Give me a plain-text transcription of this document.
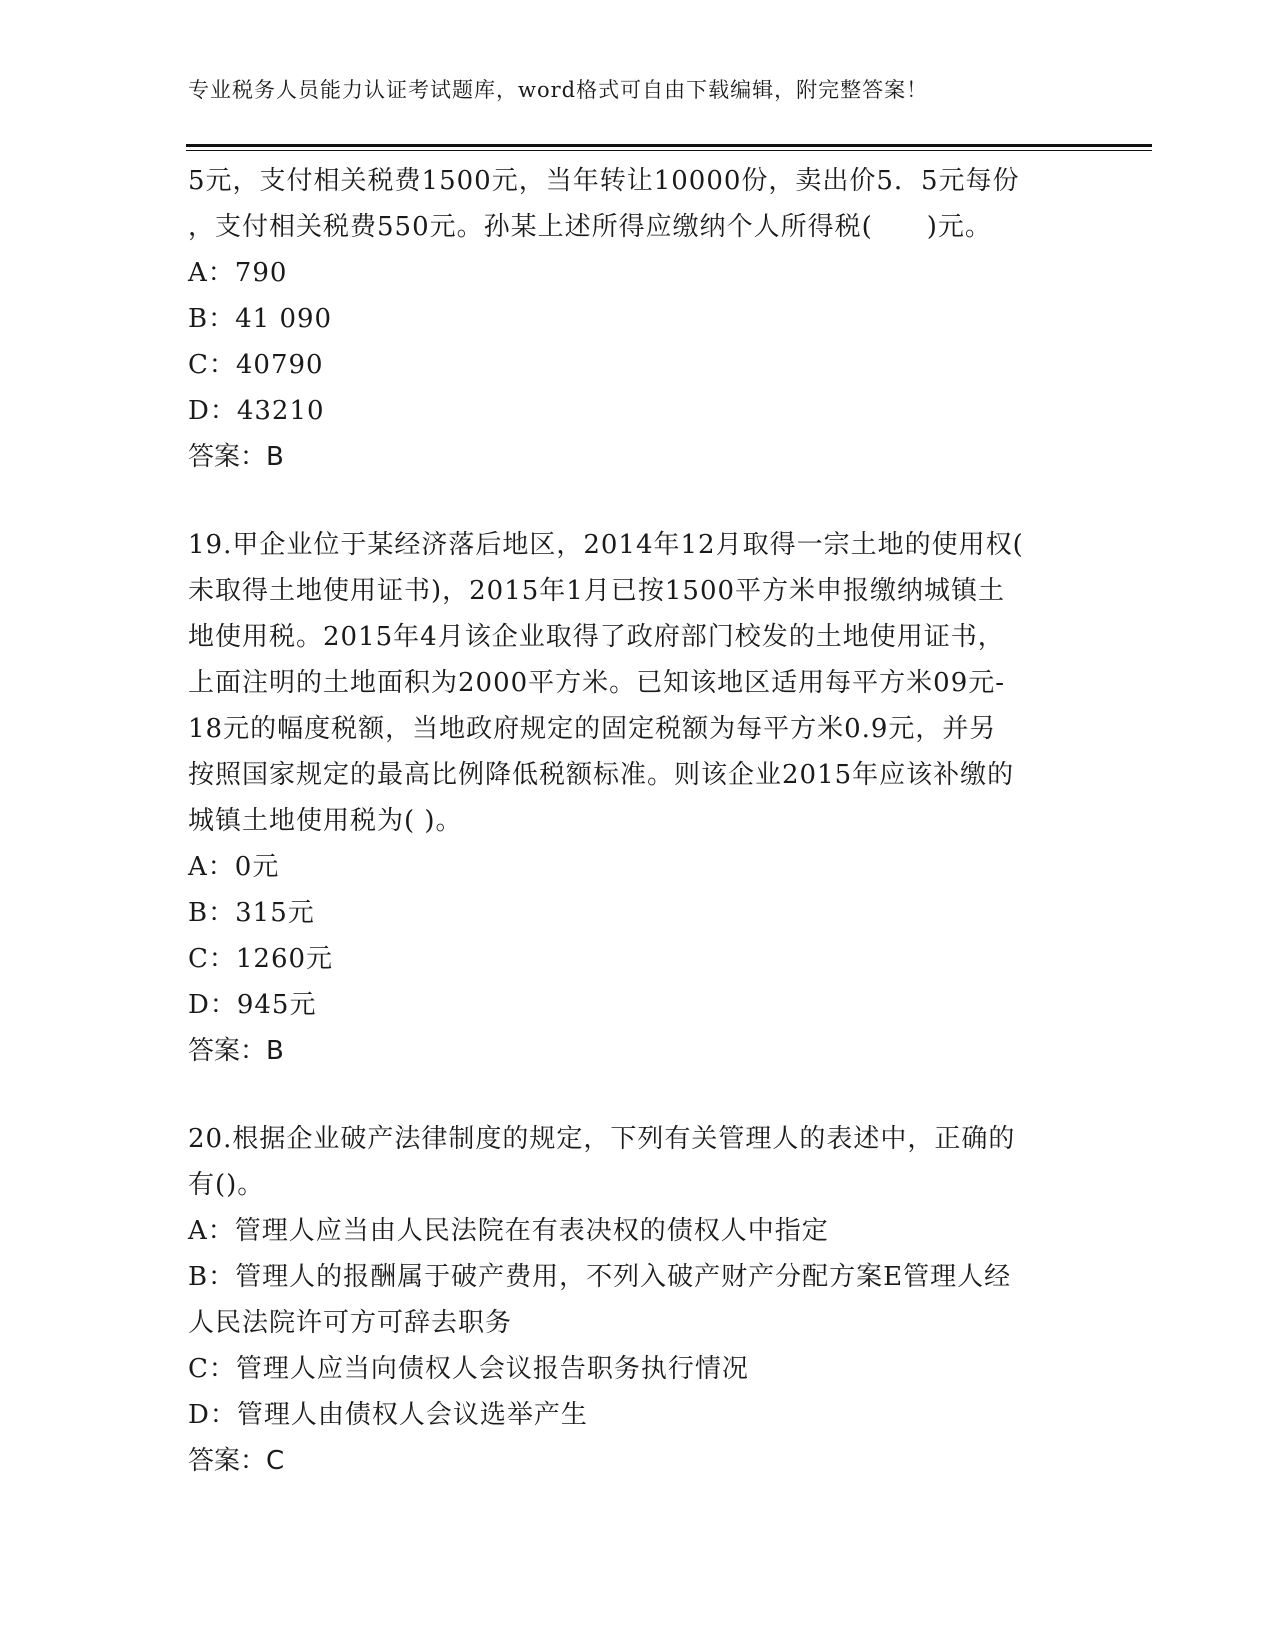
专业税务人员能力认证考试题库，word格式可自由下载编辑，附完整答案！
5元，支付相关税费1500元，当年转让10000份，卖出价5．5元每份
，支付相关税费550元。孙某上述所得应缴纳个人所得税(　　)元。
A：790
B：41 090
C：40790
D：43210
答案：B
19.甲企业位于某经济落后地区，2014年12月取得一宗土地的使用权(
未取得土地使用证书)，2015年1月已按1500平方米申报缴纳城镇土
地使用税。2015年4月该企业取得了政府部门校发的土地使用证书，
上面注明的土地面积为2000平方米。已知该地区适用每平方米09元-
18元的幅度税额，当地政府规定的固定税额为每平方米0.9元，并另
按照国家规定的最高比例降低税额标准。则该企业2015年应该补缴的
城镇土地使用税为( )。
A：0元
B：315元
C：1260元
D：945元
答案：B
20.根据企业破产法律制度的规定，下列有关管理人的表述中，正确的
有()。
A：管理人应当由人民法院在有表决权的债权人中指定
B：管理人的报酬属于破产费用，不列入破产财产分配方案E管理人经
人民法院许可方可辞去职务
C：管理人应当向债权人会议报告职务执行情况
D：管理人由债权人会议选举产生
答案：C
